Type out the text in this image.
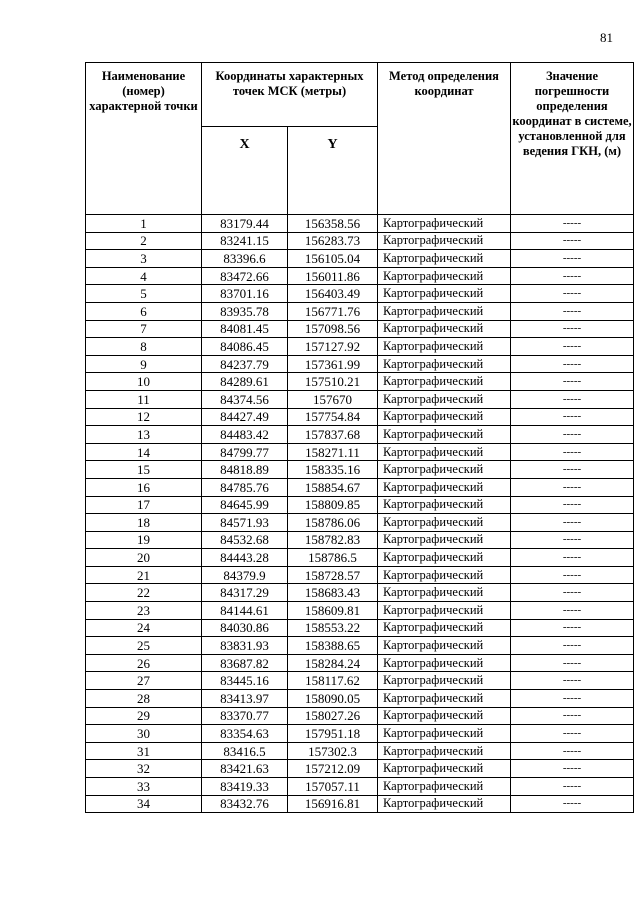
81
Наименование (номер) характерной точки	Координаты характерных точек МСК (метры)		Метод определения координат	Значение погрешности определения координат в системе, установленной для ведения ГКН, (м)
	X	Y		
1	83179.44	156358.56	Картографический	-----
2	83241.15	156283.73	Картографический	-----
3	83396.6	156105.04	Картографический	-----
4	83472.66	156011.86	Картографический	-----
5	83701.16	156403.49	Картографический	-----
6	83935.78	156771.76	Картографический	-----
7	84081.45	157098.56	Картографический	-----
8	84086.45	157127.92	Картографический	-----
9	84237.79	157361.99	Картографический	-----
10	84289.61	157510.21	Картографический	-----
11	84374.56	157670	Картографический	-----
12	84427.49	157754.84	Картографический	-----
13	84483.42	157837.68	Картографический	-----
14	84799.77	158271.11	Картографический	-----
15	84818.89	158335.16	Картографический	-----
16	84785.76	158854.67	Картографический	-----
17	84645.99	158809.85	Картографический	-----
18	84571.93	158786.06	Картографический	-----
19	84532.68	158782.83	Картографический	-----
20	84443.28	158786.5	Картографический	-----
21	84379.9	158728.57	Картографический	-----
22	84317.29	158683.43	Картографический	-----
23	84144.61	158609.81	Картографический	-----
24	84030.86	158553.22	Картографический	-----
25	83831.93	158388.65	Картографический	-----
26	83687.82	158284.24	Картографический	-----
27	83445.16	158117.62	Картографический	-----
28	83413.97	158090.05	Картографический	-----
29	83370.77	158027.26	Картографический	-----
30	83354.63	157951.18	Картографический	-----
31	83416.5	157302.3	Картографический	-----
32	83421.63	157212.09	Картографический	-----
33	83419.33	157057.11	Картографический	-----
34	83432.76	156916.81	Картографический	-----
